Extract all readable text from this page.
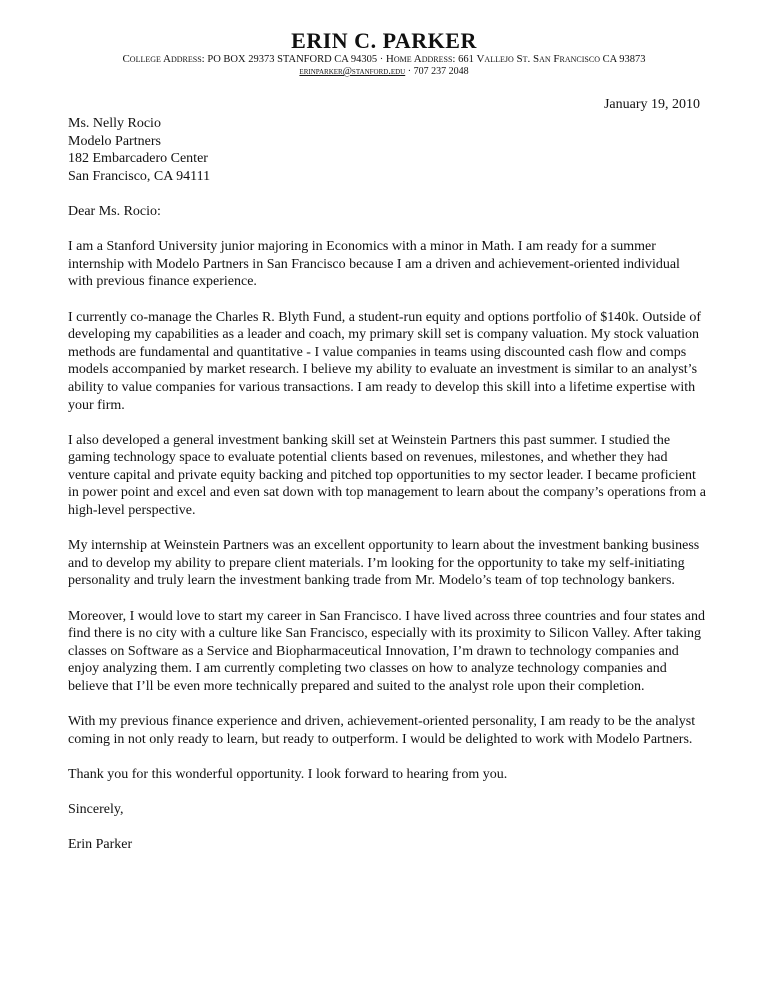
ERIN C. PARKER
College Address: PO BOX 29373 STANFORD CA 94305 · Home Address: 661 Vallejo St. San Francisco CA 93873
erinparker@stanford.edu · 707 237 2048
January 19, 2010
Ms. Nelly Rocio
Modelo Partners
182 Embarcadero Center
San Francisco, CA 94111

Dear Ms. Rocio:

I am a Stanford University junior majoring in Economics with a minor in Math. I am ready for a summer internship with Modelo Partners in San Francisco because I am a driven and achievement-oriented individual with previous finance experience.

I currently co-manage the Charles R. Blyth Fund, a student-run equity and options portfolio of $140k. Outside of developing my capabilities as a leader and coach, my primary skill set is company valuation. My stock valuation methods are fundamental and quantitative - I value companies in teams using discounted cash flow and comps models accompanied by market research. I believe my ability to evaluate an investment is similar to an analyst’s ability to value companies for various transactions. I am ready to develop this skill into a lifetime expertise with your firm.

I also developed a general investment banking skill set at Weinstein Partners this past summer. I studied the gaming technology space to evaluate potential clients based on revenues, milestones, and whether they had venture capital and private equity backing and pitched top opportunities to my sector leader. I became proficient in power point and excel and even sat down with top management to learn about the company’s operations from a high-level perspective.

My internship at Weinstein Partners was an excellent opportunity to learn about the investment banking business and to develop my ability to prepare client materials. I’m looking for the opportunity to take my self-initiating personality and truly learn the investment banking trade from Mr. Modelo’s team of top technology bankers.

Moreover, I would love to start my career in San Francisco. I have lived across three countries and four states and find there is no city with a culture like San Francisco, especially with its proximity to Silicon Valley. After taking classes on Software as a Service and Biopharmaceutical Innovation, I’m drawn to technology companies and enjoy analyzing them. I am currently completing two classes on how to analyze technology companies and believe that I’ll be even more technically prepared and suited to the analyst role upon their completion.

With my previous finance experience and driven, achievement-oriented personality, I am ready to be the analyst coming in not only ready to learn, but ready to outperform. I would be delighted to work with Modelo Partners.

Thank you for this wonderful opportunity. I look forward to hearing from you.

Sincerely,

Erin Parker
